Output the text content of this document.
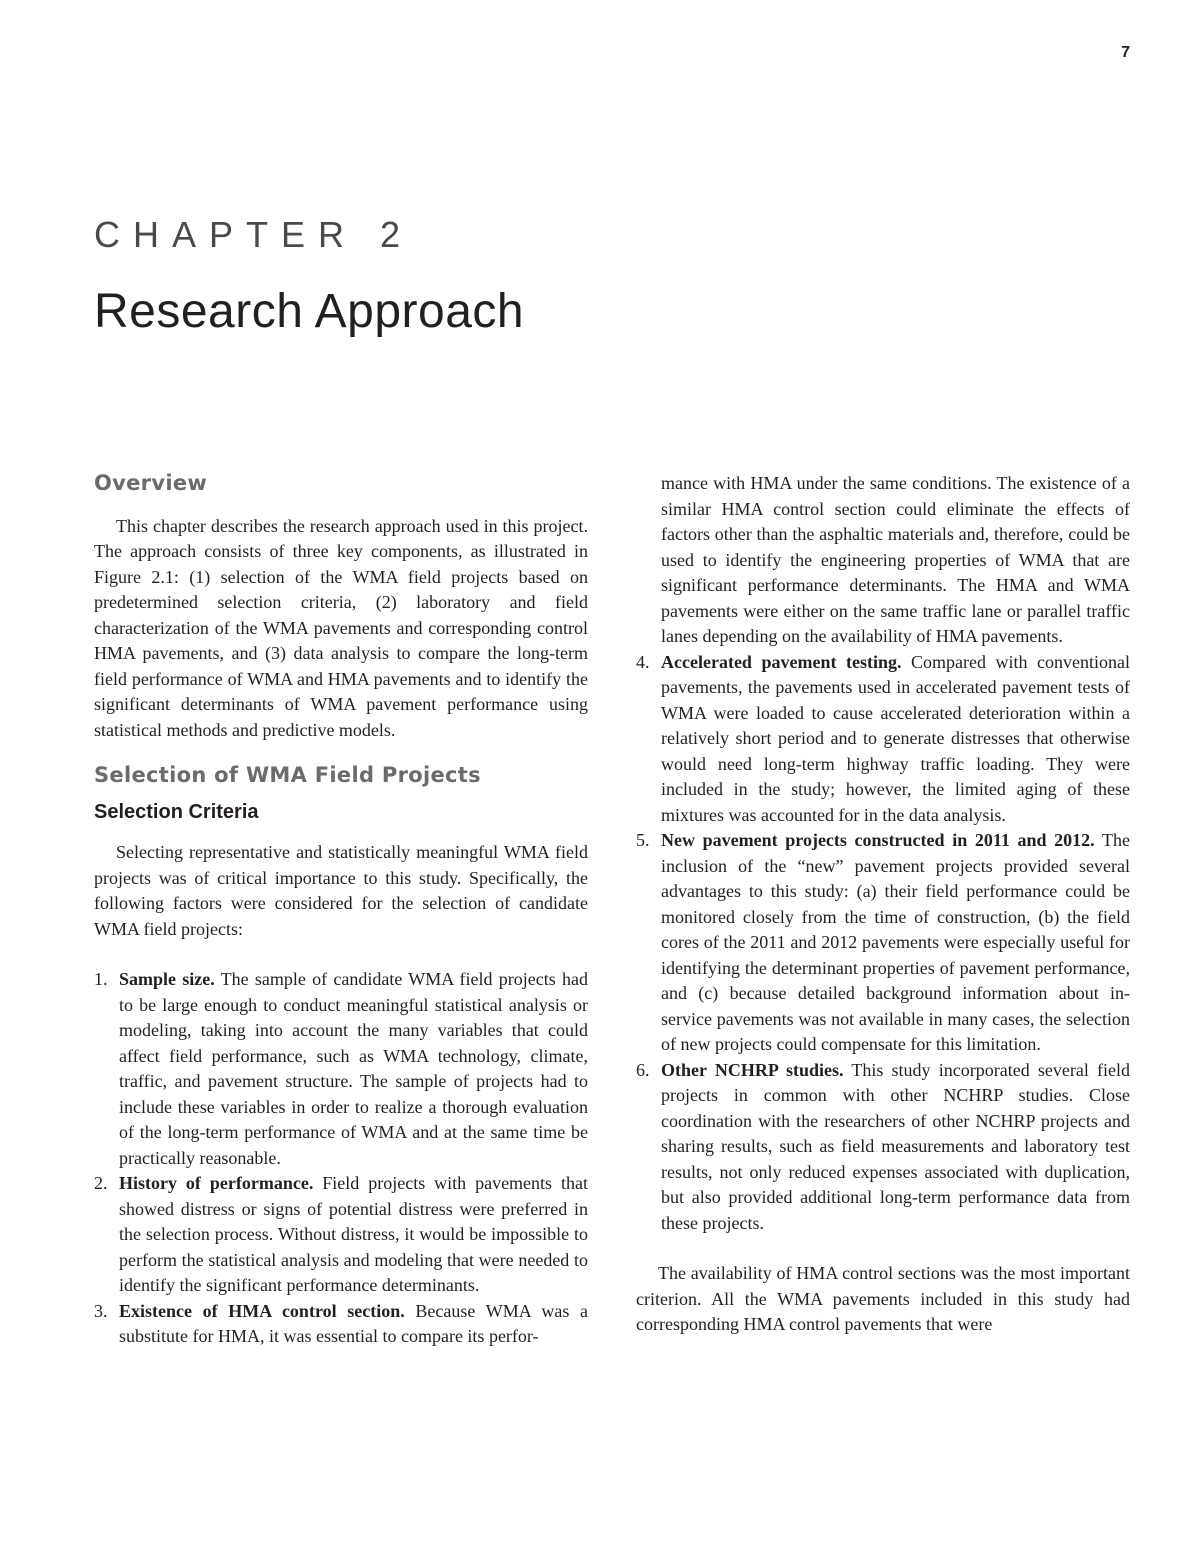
7
CHAPTER 2
Research Approach
Overview

This chapter describes the research approach used in this project. The approach consists of three key components, as illustrated in Figure 2.1: (1) selection of the WMA field projects based on predetermined selection criteria, (2) laboratory and field characterization of the WMA pavements and corresponding control HMA pavements, and (3) data analysis to compare the long-term field performance of WMA and HMA pavements and to identify the significant determinants of WMA pavement performance using statistical methods and predictive models.

Selection of WMA Field Projects
Selection Criteria

Selecting representative and statistically meaningful WMA field projects was of critical importance to this study. Specifically, the following factors were considered for the selection of candidate WMA field projects:

1. Sample size. The sample of candidate WMA field projects had to be large enough to conduct meaningful statistical analysis or modeling, taking into account the many variables that could affect field performance, such as WMA technology, climate, traffic, and pavement structure. The sample of projects had to include these variables in order to realize a thorough evaluation of the long-term performance of WMA and at the same time be practically reasonable.
2. History of performance. Field projects with pavements that showed distress or signs of potential distress were preferred in the selection process. Without distress, it would be impossible to perform the statistical analysis and modeling that were needed to identify the significant performance determinants.
3. Existence of HMA control section. Because WMA was a substitute for HMA, it was essential to compare its perfor-

mance with HMA under the same conditions. The existence of a similar HMA control section could eliminate the effects of factors other than the asphaltic materials and, therefore, could be used to identify the engineering properties of WMA that are significant performance determinants. The HMA and WMA pavements were either on the same traffic lane or parallel traffic lanes depending on the availability of HMA pavements.

4. Accelerated pavement testing. Compared with conventional pavements, the pavements used in accelerated pavement tests of WMA were loaded to cause accelerated deterioration within a relatively short period and to generate distresses that otherwise would need long-term highway traffic loading. They were included in the study; however, the limited aging of these mixtures was accounted for in the data analysis.
5. New pavement projects constructed in 2011 and 2012. The inclusion of the “new” pavement projects provided several advantages to this study: (a) their field performance could be monitored closely from the time of construction, (b) the field cores of the 2011 and 2012 pavements were especially useful for identifying the determinant properties of pavement performance, and (c) because detailed background information about in-service pavements was not available in many cases, the selection of new projects could compensate for this limitation.
6. Other NCHRP studies. This study incorporated several field projects in common with other NCHRP studies. Close coordination with the researchers of other NCHRP projects and sharing results, such as field measurements and laboratory test results, not only reduced expenses associated with duplication, but also provided additional long-term performance data from these projects.

The availability of HMA control sections was the most important criterion. All the WMA pavements included in this study had corresponding HMA control pavements that were
